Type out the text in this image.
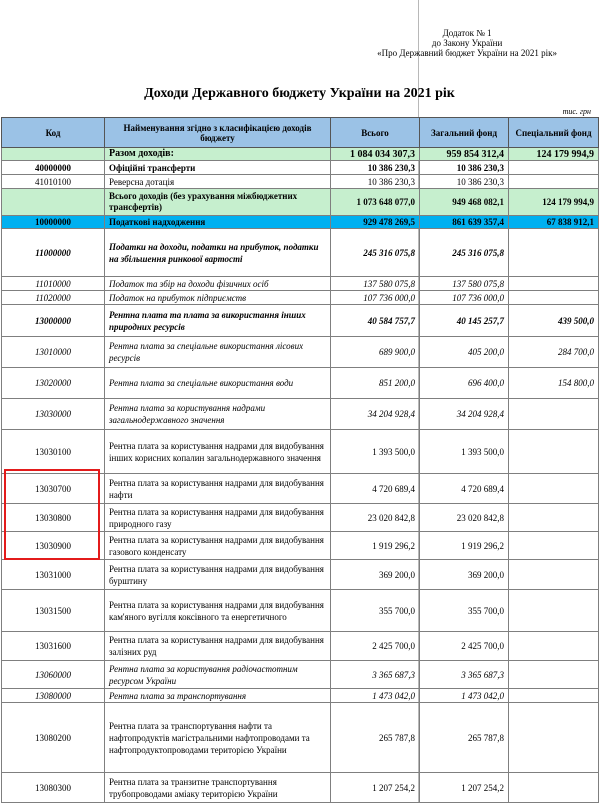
Додаток № 1
до Закону України
«Про Державний бюджет України на 2021 рік»
Доходи Державного бюджету України на 2021 рік
тис. грн
Код	Найменування згідно з класифікацією доходів бюджету	Всього	Загальний фонд	Спеціальний фонд
	Разом доходів:	1 084 034 307,3	959 854 312,4	124 179 994,9
40000000	Офіційні трансферти	10 386 230,3	10 386 230,3	
41010100	Реверсна дотація	10 386 230,3	10 386 230,3	
	Всього доходів (без урахування міжбюджетних трансфертів)	1 073 648 077,0	949 468 082,1	124 179 994,9
10000000	Податкові надходження	929 478 269,5	861 639 357,4	67 838 912,1
11000000	Податки на доходи, податки на прибуток, податки на збільшення ринкової вартості	245 316 075,8	245 316 075,8	
11010000	Податок та збір на доходи фізичних осіб	137 580 075,8	137 580 075,8	
11020000	Податок на прибуток підприємств	107 736 000,0	107 736 000,0	
13000000	Рентна плата та плата за використання інших природних ресурсів	40 584 757,7	40 145 257,7	439 500,0
13010000	Рентна плата за спеціальне використання лісових ресурсів	689 900,0	405 200,0	284 700,0
13020000	Рентна плата за спеціальне використання води	851 200,0	696 400,0	154 800,0
13030000	Рентна плата за користування надрами загальнодержавного значення	34 204 928,4	34 204 928,4	
13030100	Рентна плата за користування надрами для видобування інших корисних копалин загальнодержавного значення	1 393 500,0	1 393 500,0	
13030700	Рентна плата за користування надрами для видобування нафти	4 720 689,4	4 720 689,4	
13030800	Рентна плата за користування надрами для видобування природного газу	23 020 842,8	23 020 842,8	
13030900	Рентна плата за користування надрами для видобування газового конденсату	1 919 296,2	1 919 296,2	
13031000	Рентна плата за користування надрами для видобування бурштину	369 200,0	369 200,0	
13031500	Рентна плата за користування надрами для видобування кам'яного вугілля коксівного та енергетичного	355 700,0	355 700,0	
13031600	Рентна плата за користування надрами для видобування залізних руд	2 425 700,0	2 425 700,0	
13060000	Рентна плата за користування радіочастотним ресурсом України	3 365 687,3	3 365 687,3	
13080000	Рентна плата за транспортування	1 473 042,0	1 473 042,0	
13080200	Рентна плата за транспортування нафти та нафтопродуктів магістральними нафтопроводами та нафтопродуктопроводами територією України	265 787,8	265 787,8	
13080300	Рентна плата за транзитне транспортування трубопроводами аміаку територією України	1 207 254,2	1 207 254,2	
